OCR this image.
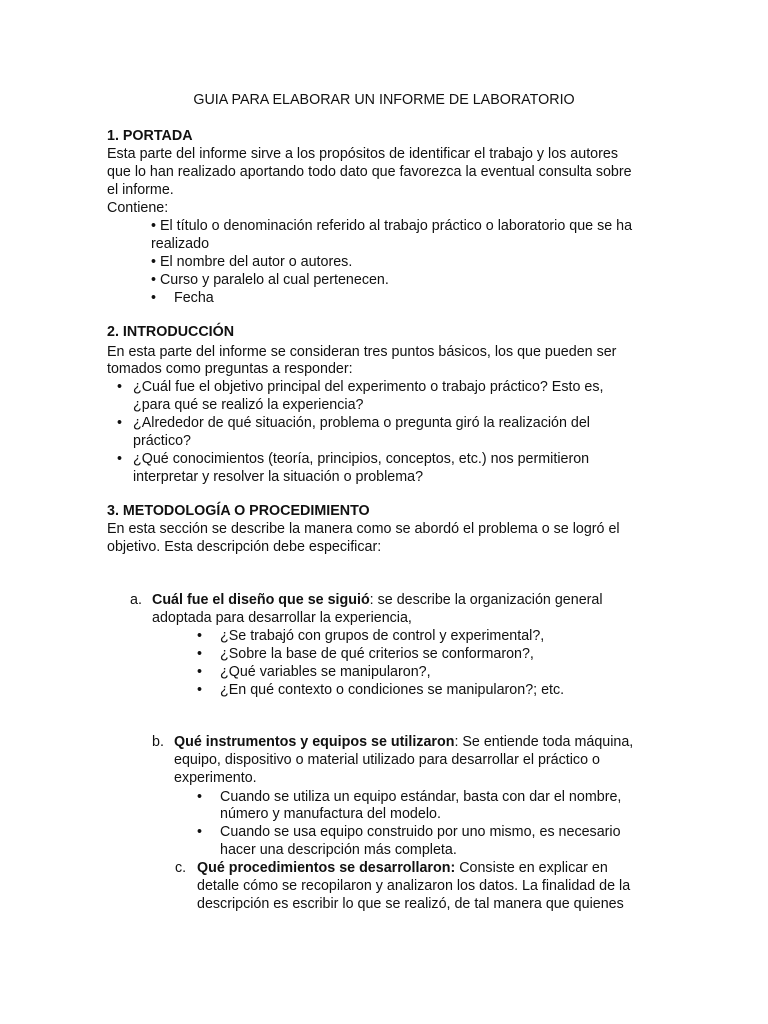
GUIA PARA ELABORAR UN INFORME DE LABORATORIO
1. PORTADA
Esta parte del informe sirve a los propósitos de identificar el trabajo y los autores
que lo han realizado aportando todo dato que favorezca la eventual consulta sobre
el informe.
Contiene:
• El título o denominación referido al trabajo práctico o laboratorio que se ha
realizado
• El nombre del autor o autores.
• Curso y paralelo al cual pertenecen.
• Fecha
2. INTRODUCCIÓN
En esta parte del informe se consideran tres puntos básicos, los que pueden ser
tomados como preguntas a responder:
• ¿Cuál fue el objetivo principal del experimento o trabajo práctico? Esto es,
¿para qué se realizó la experiencia?
• ¿Alrededor de qué situación, problema o pregunta giró la realización del
práctico?
• ¿Qué conocimientos (teoría, principios, conceptos, etc.) nos permitieron
interpretar y resolver la situación o problema?
3. METODOLOGÍA O PROCEDIMIENTO
En esta sección se describe la manera como se abordó el problema o se logró el
objetivo. Esta descripción debe especificar:
a. Cuál fue el diseño que se siguió: se describe la organización general
adoptada para desarrollar la experiencia,
• ¿Se trabajó con grupos de control y experimental?,
• ¿Sobre la base de qué criterios se conformaron?,
• ¿Qué variables se manipularon?,
• ¿En qué contexto o condiciones se manipularon?; etc.
b. Qué instrumentos y equipos se utilizaron: Se entiende toda máquina,
equipo, dispositivo o material utilizado para desarrollar el práctico o
experimento.
• Cuando se utiliza un equipo estándar, basta con dar el nombre,
número y manufactura del modelo.
• Cuando se usa equipo construido por uno mismo, es necesario
hacer una descripción más completa.
c. Qué procedimientos se desarrollaron: Consiste en explicar en
detalle cómo se recopilaron y analizaron los datos. La finalidad de la
descripción es escribir lo que se realizó, de tal manera que quienes
